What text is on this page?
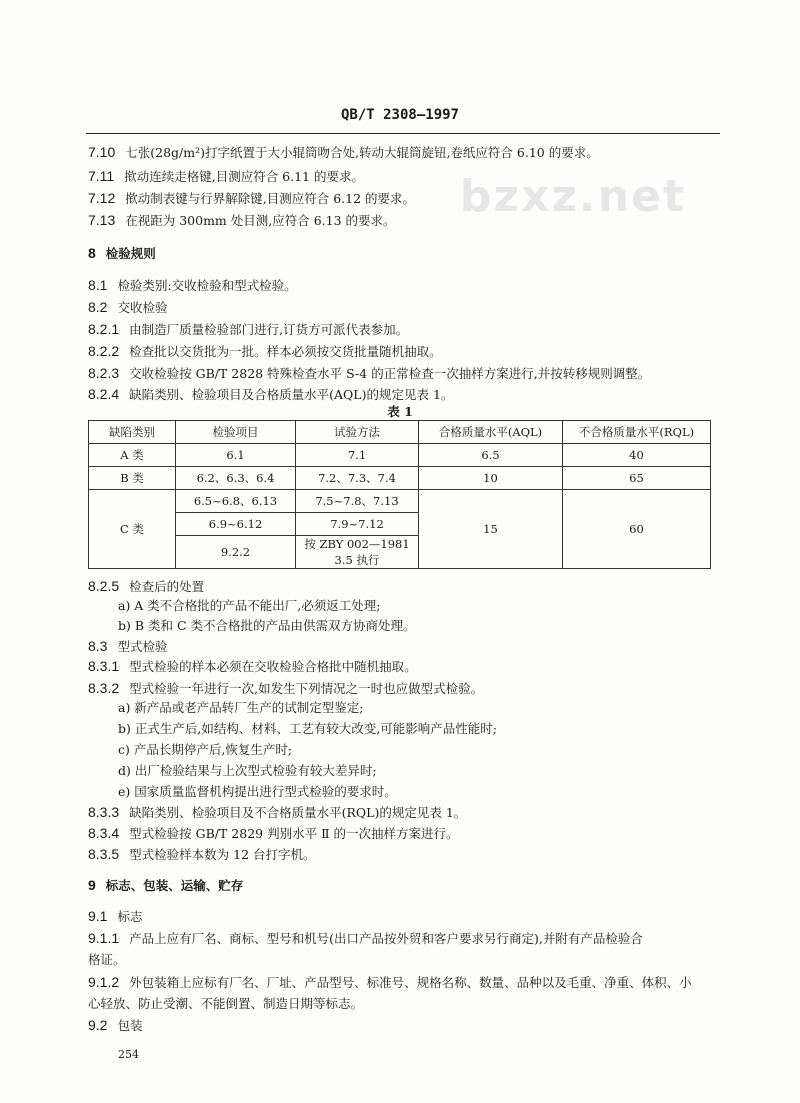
QB/T 2308—1997
bzxz.net
表 1
缺陷类别	检验项目	试验方法	合格质量水平(AQL)	不合格质量水平(RQL)
A 类	6.1	7.1	6.5	40
B 类	6.2、6.3、6.4	7.2、7.3、7.4	10	65
C 类	6.5~6.8、6.13	7.5~7.8、7.13	15	60
	6.9~6.12	7.9~7.12		
	9.2.2	按 ZBY 002—1981
3.5 执行		
254
7.10 七张(28g/m²)打字纸置于大小辊筒吻合处,转动大辊筒旋钮,卷纸应符合 6.10 的要求。
7.11 揿动连续走格键,目测应符合 6.11 的要求。
7.12 揿动制表键与行界解除键,目测应符合 6.12 的要求。
7.13 在视距为 300mm 处目测,应符合 6.13 的要求。
8 检验规则
8.1 检验类别:交收检验和型式检验。
8.2 交收检验
8.2.1 由制造厂质量检验部门进行,订货方可派代表参加。
8.2.2 检查批以交货批为一批。样本必须按交货批量随机抽取。
8.2.3 交收检验按 GB/T 2828 特殊检查水平 S-4 的正常检查一次抽样方案进行,并按转移规则调整。
8.2.4 缺陷类别、检验项目及合格质量水平(AQL)的规定见表 1。
8.2.5 检查后的处置
a) A 类不合格批的产品不能出厂,必须返工处理;
b) B 类和 C 类不合格批的产品由供需双方协商处理。
8.3 型式检验
8.3.1 型式检验的样本必须在交收检验合格批中随机抽取。
8.3.2 型式检验一年进行一次,如发生下列情况之一时也应做型式检验。
a) 新产品或老产品转厂生产的试制定型鉴定;
b) 正式生产后,如结构、材料、工艺有较大改变,可能影响产品性能时;
c) 产品长期停产后,恢复生产时;
d) 出厂检验结果与上次型式检验有较大差异时;
e) 国家质量监督机构提出进行型式检验的要求时。
8.3.3 缺陷类别、检验项目及不合格质量水平(RQL)的规定见表 1。
8.3.4 型式检验按 GB/T 2829 判别水平 Ⅱ 的一次抽样方案进行。
8.3.5 型式检验样本数为 12 台打字机。
9 标志、包装、运输、贮存
9.1 标志
9.1.1 产品上应有厂名、商标、型号和机号(出口产品按外贸和客户要求另行商定),并附有产品检验合
格证。
9.1.2 外包装箱上应标有厂名、厂址、产品型号、标准号、规格名称、数量、品种以及毛重、净重、体积、小
心轻放、防止受潮、不能倒置、制造日期等标志。
9.2 包装
